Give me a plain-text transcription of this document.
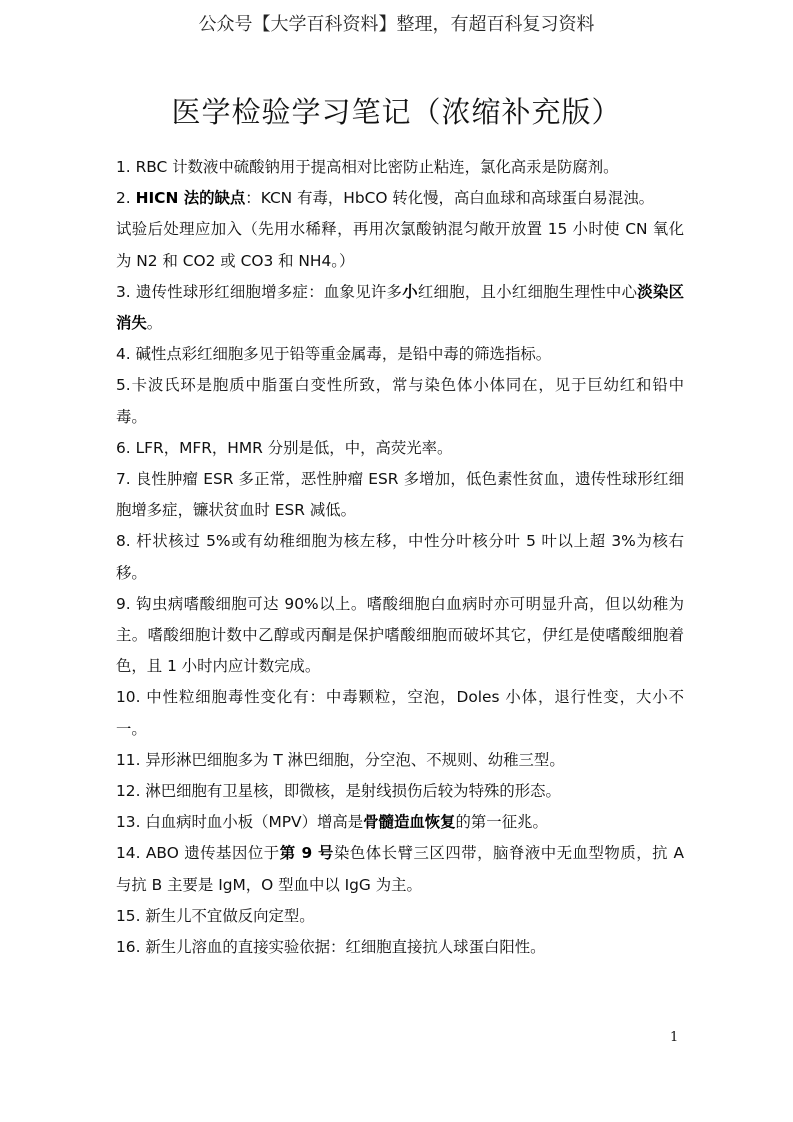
公众号【大学百科资料】整理，有超百科复习资料
医学检验学习笔记（浓缩补充版）

1. RBC 计数液中硫酸钠用于提高相对比密防止粘连，氯化高汞是防腐剂。

2. HICN 法的缺点：KCN 有毒，HbCO 转化慢，高白血球和高球蛋白易混浊。

试验后处理应加入（先用水稀释，再用次氯酸钠混匀敞开放置 15 小时使 CN 氧化为 N2 和 CO2 或 CO3 和 NH4。）

3. 遗传性球形红细胞增多症：血象见许多小红细胞，且小红细胞生理性中心淡染区消失。

4. 碱性点彩红细胞多见于铅等重金属毒，是铅中毒的筛选指标。

5.卡波氏环是胞质中脂蛋白变性所致，常与染色体小体同在，见于巨幼红和铅中毒。

6. LFR，MFR，HMR 分别是低，中，高荧光率。

7. 良性肿瘤 ESR 多正常，恶性肿瘤 ESR 多增加，低色素性贫血，遗传性球形红细胞增多症，镰状贫血时 ESR 减低。

8. 杆状核过 5%或有幼稚细胞为核左移，中性分叶核分叶 5 叶以上超 3%为核右移。

9. 钩虫病嗜酸细胞可达 90%以上。嗜酸细胞白血病时亦可明显升高，但以幼稚为主。嗜酸细胞计数中乙醇或丙酮是保护嗜酸细胞而破坏其它，伊红是使嗜酸细胞着色，且 1 小时内应计数完成。

10. 中性粒细胞毒性变化有：中毒颗粒，空泡，Doles 小体，退行性变，大小不一。

11. 异形淋巴细胞多为 T 淋巴细胞，分空泡、不规则、幼稚三型。

12. 淋巴细胞有卫星核，即微核，是射线损伤后较为特殊的形态。

13. 白血病时血小板（MPV）增高是骨髓造血恢复的第一征兆。

14. ABO 遗传基因位于第 9 号染色体长臂三区四带，脑脊液中无血型物质，抗 A 与抗 B 主要是 IgM，O 型血中以 IgG 为主。

15. 新生儿不宜做反向定型。

16. 新生儿溶血的直接实验依据：红细胞直接抗人球蛋白阳性。

1
